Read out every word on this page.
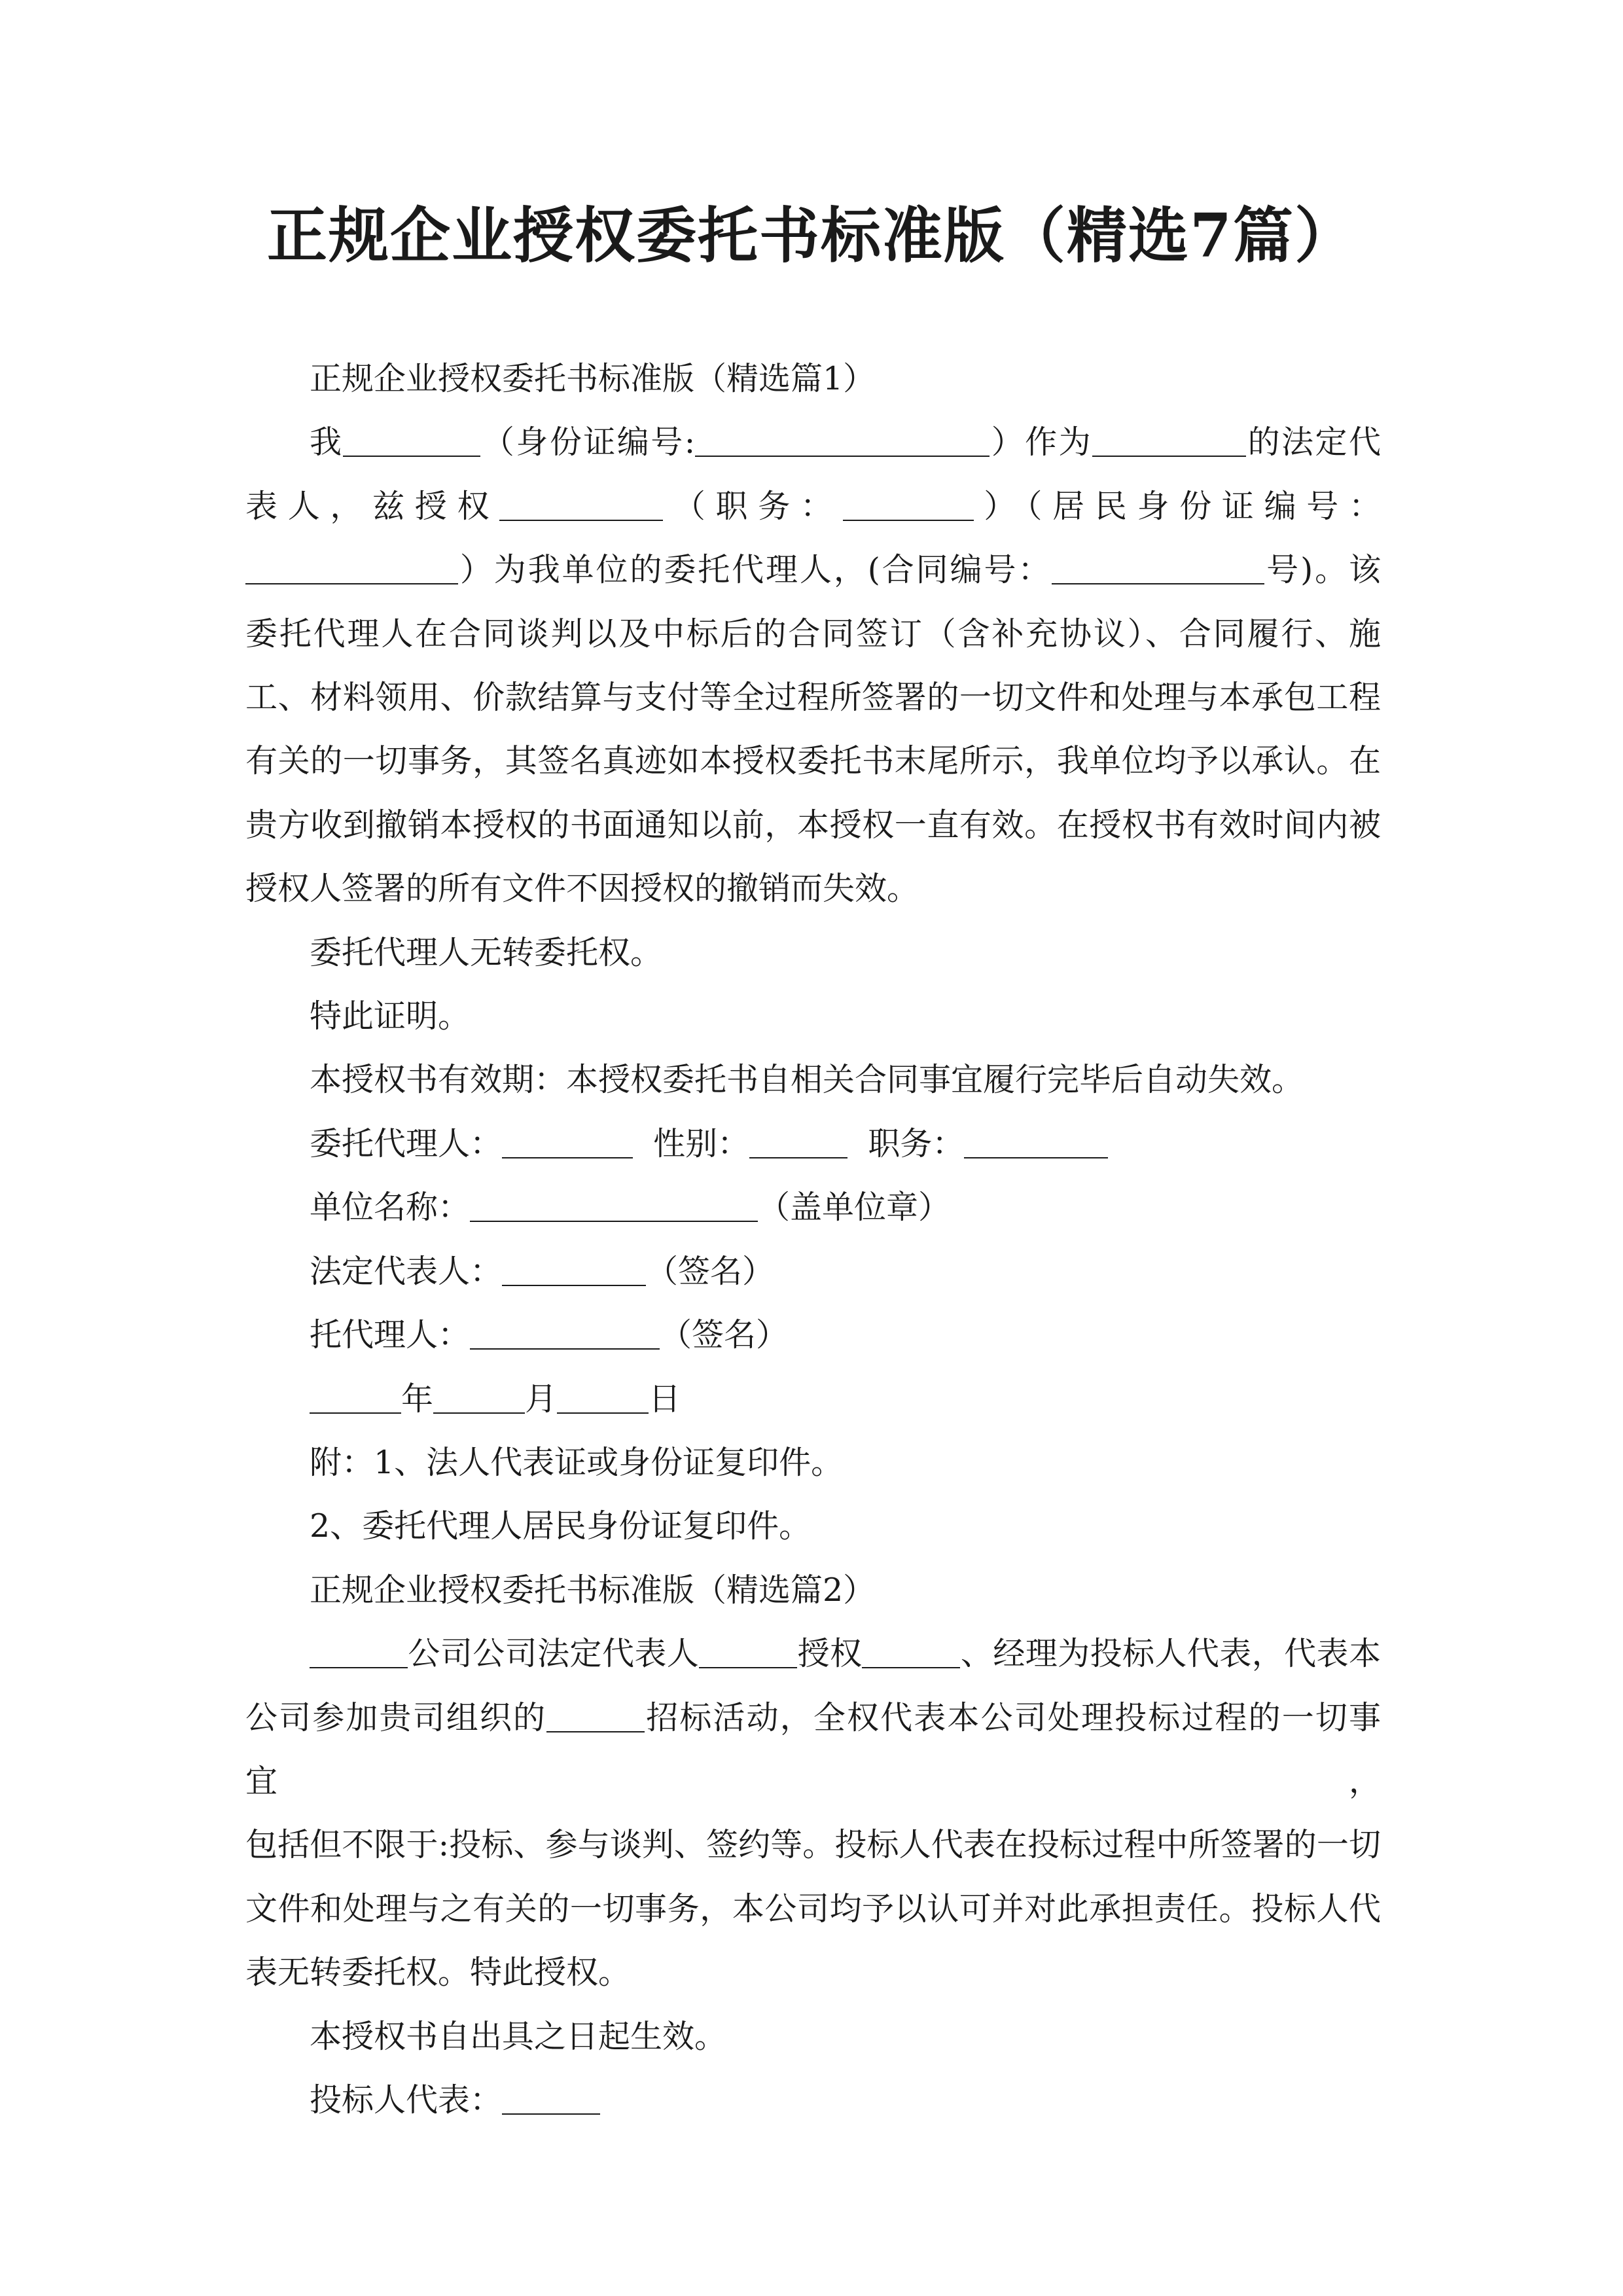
正规企业授权委托书标准版（精选7篇）

正规企业授权委托书标准版（精选篇1）

我	（身份证编号:	）作为	的法定代

表人，兹授权	（职务：	）（居民身份证编号：

）为我单位的委托代理人，(合同编号：	号)。该

委托代理人在合同谈判以及中标后的合同签订（含补充协议）、合同履行、施工、材料领用、价款结算与支付等全过程所签署的一切文件和处理与本承包工程有关的一切事务，其签名真迹如本授权委托书末尾所示，我单位均予以承认。在贵方收到撤销本授权的书面通知以前，本授权一直有效。在授权书有效时间内被授权人签署的所有文件不因授权的撤销而失效。

委托代理人无转委托权。

特此证明。

本授权书有效期：本授权委托书自相关合同事宜履行完毕后自动失效。

委托代理人：	性别：	职务：

单位名称：	（盖单位章）

法定代表人：	（签名）

托代理人：	（签名）

年	月	日

附：1、法人代表证或身份证复印件。

2、委托代理人居民身份证复印件。

正规企业授权委托书标准版（精选篇2）

公司公司法定代表人	授权	、经理为投标人代表，代表本

公司参加贵司组织的	招标活动，全权代表本公司处理投标过程的一切事宜，

包括但不限于:投标、参与谈判、签约等。投标人代表在投标过程中所签署的一切文件和处理与之有关的一切事务，本公司均予以认可并对此承担责任。投标人代表无转委托权。特此授权。

本授权书自出具之日起生效。

投标人代表：
